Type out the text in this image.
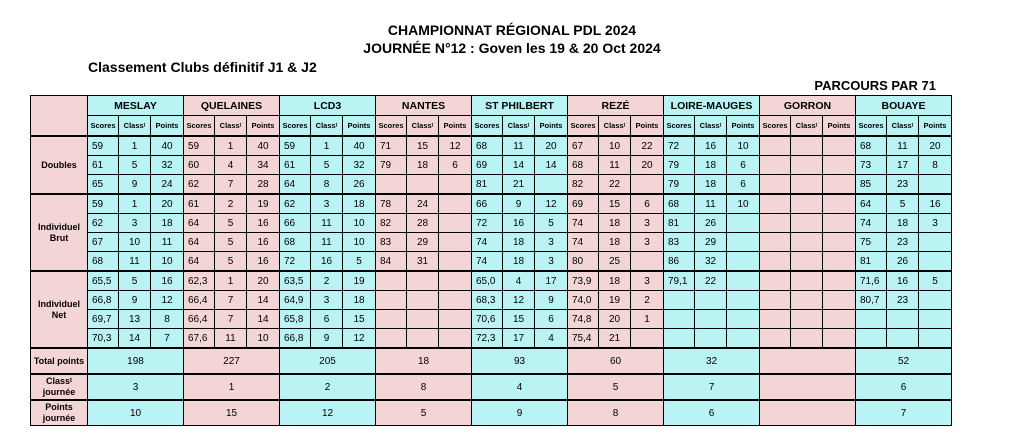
CHAMPIONNAT RÉGIONAL PDL 2024
JOURNÉE N°12 : Goven les 19 & 20 Oct 2024
Classement Clubs définitif J1 & J2
PARCOURS PAR 71
	MESLAY			QUELAINES			LCD3			NANTES			ST PHILBERT			REZÉ			LOIRE-MAUGES			GORRON			BOUAYE		
	Scores	Classᵗ	Points	Scores	Classᵗ	Points	Scores	Classᵗ	Points	Scores	Classᵗ	Points	Scores	Classᵗ	Points	Scores	Classᵗ	Points	Scores	Classᵗ	Points	Scores	Classᵗ	Points	Scores	Classᵗ	Points
Doubles	59	1	40	59	1	40	59	1	40	71	15	12	68	11	20	67	10	22	72	16	10				68	11	20
	61	5	32	60	4	34	61	5	32	79	18	6	69	14	14	68	11	20	79	18	6				73	17	8
	65	9	24	62	7	28	64	8	26				81	21		82	22		79	18	6				85	23	
Individuel Brut	59	1	20	61	2	19	62	3	18	78	24		66	9	12	69	15	6	68	11	10				64	5	16
	62	3	18	64	5	16	66	11	10	82	28		72	16	5	74	18	3	81	26					74	18	3
	67	10	11	64	5	16	68	11	10	83	29		74	18	3	74	18	3	83	29					75	23	
	68	11	10	64	5	16	72	16	5	84	31		74	18	3	80	25		86	32					81	26	
Individuel Net	65,5	5	16	62,3	1	20	63,5	2	19				65,0	4	17	73,9	18	3	79,1	22					71,6	16	5
	66,8	9	12	66,4	7	14	64,9	3	18				68,3	12	9	74,0	19	2							80,7	23	
	69,7	13	8	66,4	7	14	65,8	6	15				70,6	15	6	74,8	20	1									
	70,3	14	7	67,6	11	10	66,8	9	12				72,3	17	4	75,4	21										
Total points	198			227			205			18			93			60			32						52		
Classᵗ journée	3			1			2			8			4			5			7						6		
Points journée	10			15			12			5			9			8			6						7		
